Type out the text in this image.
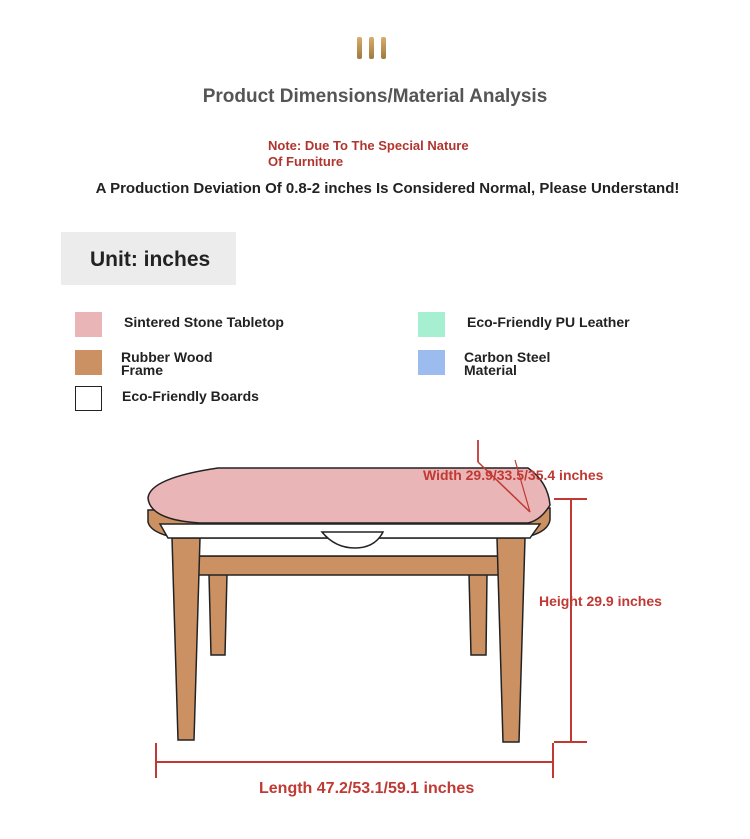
Product Dimensions/Material Analysis
Note: Due To The Special Nature
Of Furniture
A Production Deviation Of 0.8-2 inches Is Considered Normal, Please Understand!
Unit: inches
Sintered Stone Tabletop	Eco-Friendly PU Leather
Rubber Wood
Frame
Carbon Steel
Material
Eco-Friendly Boards
Width 29.9/33.5/35.4 inches
Height 29.9 inches
Length 47.2/53.1/59.1 inches
